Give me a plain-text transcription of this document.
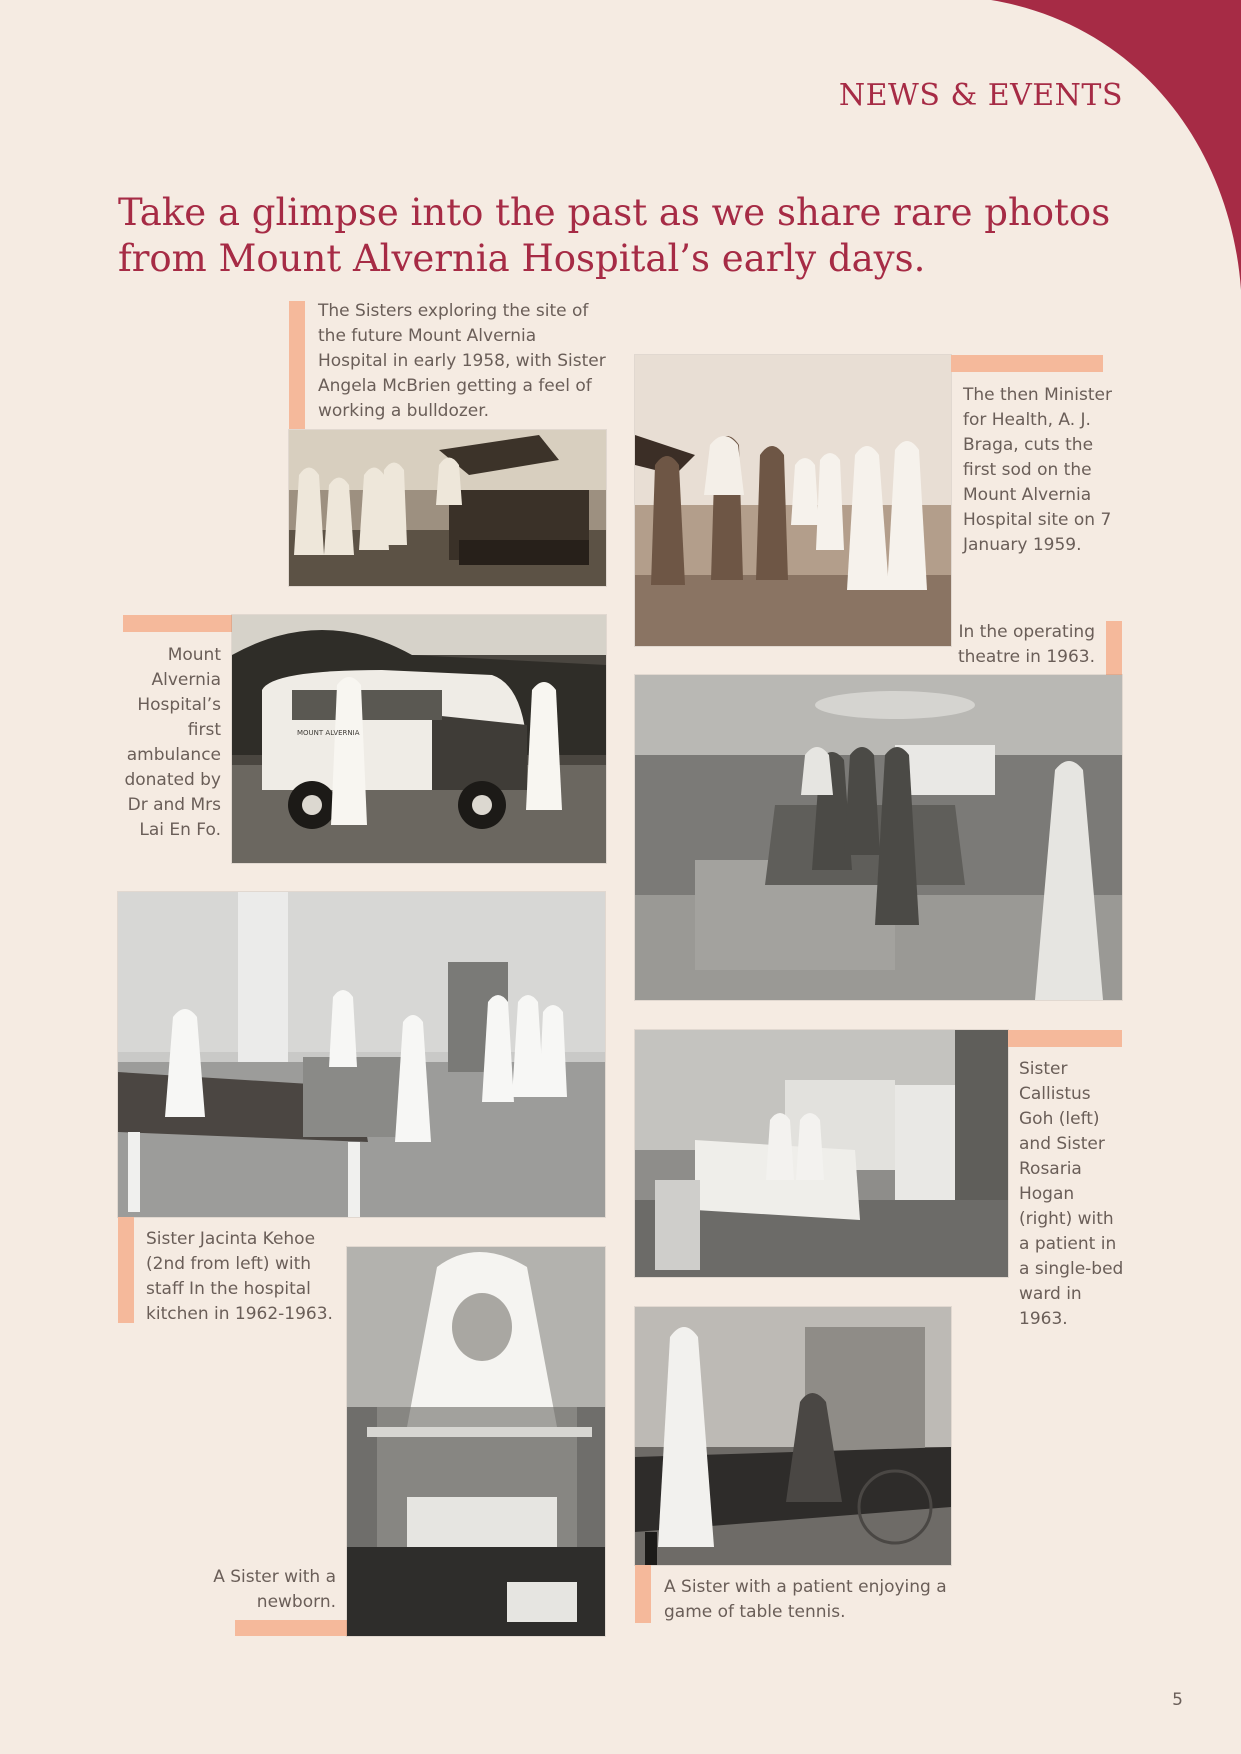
NEWS & EVENTS
Take a glimpse into the past as we share rare photos from Mount Alvernia Hospital’s early days.

The Sisters exploring the site of the future Mount Alvernia Hospital in early 1958, with Sister Angela McBrien getting a feel of working a bulldozer.

The then Minister for Health, A. J. Braga, cuts the first sod on the Mount Alvernia Hospital site on 7 January 1959.

Mount Alvernia Hospital’s first ambulance donated by Dr and Mrs Lai En Fo.

MOUNT ALVERNIA

In the operating theatre in 1963.

Sister Jacinta Kehoe (2nd from left) with staff In the hospital kitchen in 1962-1963.

Sister Callistus Goh (left) and Sister Rosaria Hogan (right) with a patient in a single-bed ward in 1963.

A Sister with a newborn.

A Sister with a patient enjoying a game of table tennis.

5
